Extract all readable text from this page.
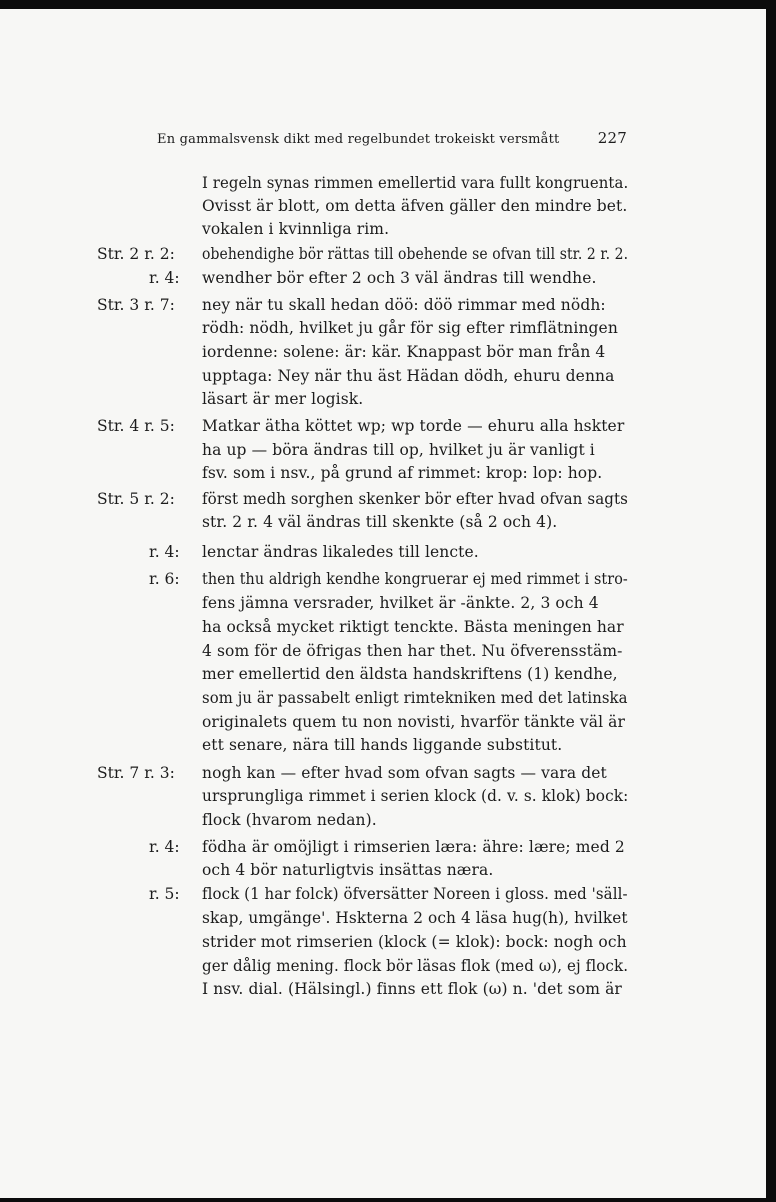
En gammalsvensk dikt med regelbundet trokeiskt versmått	227
I regeln synas rimmen emellertid vara fullt kongruenta.
Ovisst är blott, om detta äfven gäller den mindre bet.
vokalen i kvinnliga rim.
Str. 2 r. 2: obehendighe bör rättas till obehende se ofvan till str. 2 r. 2.
r. 4: wendher bör efter 2 och 3 väl ändras till wendhe.
Str. 3 r. 7: ney när tu skall hedan döö: döö rimmar med nödh:
rödh: nödh, hvilket ju går för sig efter rimflätningen
iordenne: solene: är: kär. Knappast bör man från 4
upptaga: Ney när thu äst Hädan dödh, ehuru denna
läsart är mer logisk.
Str. 4 r. 5: Matkar ätha köttet wp; wp torde — ehuru alla hskter
ha up — böra ändras till op, hvilket ju är vanligt i
fsv. som i nsv., på grund af rimmet: krop: lop: hop.
Str. 5 r. 2: först medh sorghen skenker bör efter hvad ofvan sagts
str. 2 r. 4 väl ändras till skenkte (så 2 och 4).
r. 4: lenctar ändras likaledes till lencte.
r. 6: then thu aldrigh kendhe kongruerar ej med rimmet i stro-
fens jämna versrader, hvilket är -änkte. 2, 3 och 4
ha också mycket riktigt tenckte. Bästa meningen har
4 som för de öfrigas then har thet. Nu öfverensstäm-
mer emellertid den äldsta handskriftens (1) kendhe,
som ju är passabelt enligt rimtekniken med det latinska
originalets quem tu non novisti, hvarför tänkte väl är
ett senare, nära till hands liggande substitut.
Str. 7 r. 3: nogh kan — efter hvad som ofvan sagts — vara det
ursprungliga rimmet i serien klock (d. v. s. klok) bock:
flock (hvarom nedan).
r. 4: födha är omöjligt i rimserien læra: ähre: lære; med 2
och 4 bör naturligtvis insättas næra.
r. 5: flock (1 har folck) öfversätter Noreen i gloss. med 'säll-
skap, umgänge'. Hskterna 2 och 4 läsa hug(h), hvilket
strider mot rimserien (klock (= klok): bock: nogh och
ger dålig mening. flock bör läsas flok (med ω), ej flock.
I nsv. dial. (Hälsingl.) finns ett flok (ω) n. 'det som är
